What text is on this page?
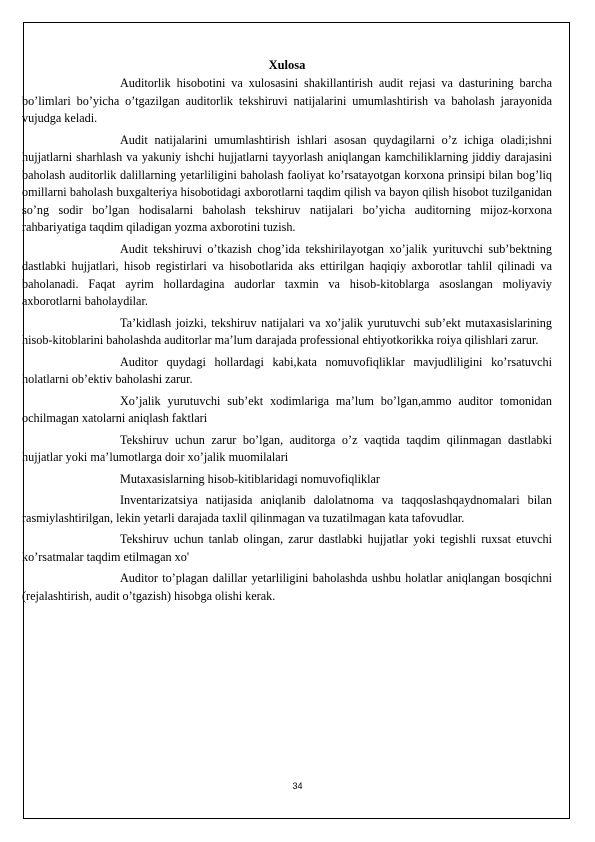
Xulosa

Auditorlik hisobotini va xulosasini shakillantirish audit rejasi va dasturining barcha bo’limlari bo’yicha o’tgazilgan auditorlik tekshiruvi natijalarini umumlashtirish va baholash jarayonida vujudga keladi.

Audit natijalarini umumlashtirish ishlari asosan quydagilarni o’z ichiga oladi;ishni hujjatlarni sharhlash va yakuniy ishchi hujjatlarni tayyorlash aniqlangan kamchiliklarning jiddiy darajasini baholash auditorlik dalillarning yetarliligini baholash faoliyat ko’rsatayotgan korxona prinsipi bilan bog’liq omillarni baholash buxgalteriya hisobotidagi axborotlarni taqdim qilish va bayon qilish hisobot tuzilganidan so’ng sodir bo’lgan hodisalarni baholash tekshiruv natijalari bo’yicha auditorning mijoz-korxona rahbariyatiga taqdim qiladigan yozma axborotini tuzish.

Audit tekshiruvi o’tkazish chog’ida tekshirilayotgan xo’jalik yurituvchi sub’bektning dastlabki hujjatlari, hisob registirlari va hisobotlarida aks ettirilgan haqiqiy axborotlar tahlil qilinadi va baholanadi. Faqat ayrim hollardagina audorlar taxmin va hisob-kitoblarga asoslangan moliyaviy axborotlarni baholaydilar.

Ta’kidlash joizki, tekshiruv natijalari va xo’jalik yurutuvchi sub’ekt mutaxasislarining hisob-kitoblarini baholashda auditorlar ma’lum darajada professional ehtiyotkorikka roiya qilishlari zarur.

Auditor quydagi hollardagi kabi,kata nomuvofiqliklar mavjudliligini ko’rsatuvchi holatlarni ob’ektiv baholashi zarur.

Xo’jalik yurutuvchi sub’ekt xodimlariga ma’lum bo’lgan,ammo auditor tomonidan ochilmagan xatolarni aniqlash faktlari

Tekshiruv uchun zarur bo’lgan, auditorga o’z vaqtida taqdim qilinmagan dastlabki hujjatlar yoki ma’lumotlarga doir xo’jalik muomilalari

Mutaxasislarning hisob-kitiblaridagi nomuvofiqliklar

Inventarizatsiya natijasida aniqlanib dalolatnoma va taqqoslashqaydnomalari bilan rasmiylashtirilgan, lekin yetarli darajada taxlil qilinmagan va tuzatilmagan kata tafovudlar.

Tekshiruv uchun tanlab olingan, zarur dastlabki hujjatlar yoki tegishli ruxsat etuvchi ko’rsatmalar taqdim etilmagan xo'

Auditor to’plagan dalillar yetarliligini baholashda ushbu holatlar aniqlangan bosqichni (rejalashtirish, audit o’tgazish) hisobga olishi kerak.

34
